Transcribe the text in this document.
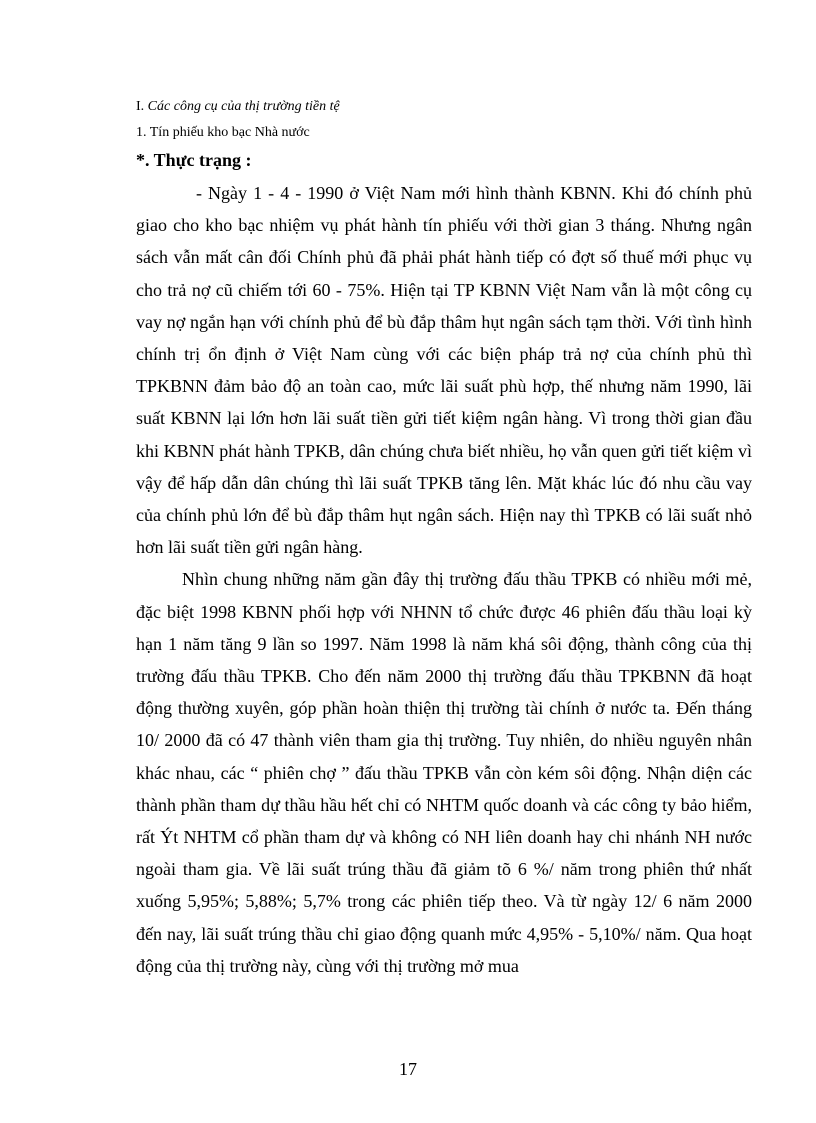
I. Các công cụ của thị trường tiền tệ
1. Tín phiếu kho bạc Nhà nước
*. Thực trạng :

- Ngày 1 - 4 - 1990 ở Việt Nam mới hình thành KBNN. Khi đó chính phủ giao cho kho bạc nhiệm vụ phát hành tín phiếu với thời gian 3 tháng. Nhưng ngân sách vẫn mất cân đối Chính phủ đã phải phát hành tiếp có đợt số thuế mới phục vụ cho trả nợ cũ chiếm tới 60 - 75%. Hiện tại TP KBNN Việt Nam vẫn là một công cụ vay nợ ngắn hạn với chính phủ để bù đắp thâm hụt ngân sách tạm thời. Với tình hình chính trị ổn định ở Việt Nam cùng với các biện pháp trả nợ của chính phủ thì TPKBNN đảm bảo độ an toàn cao, mức lãi suất phù hợp, thế nhưng năm 1990, lãi suất KBNN lại lớn hơn lãi suất tiền gửi tiết kiệm ngân hàng. Vì trong thời gian đầu khi KBNN phát hành TPKB, dân chúng chưa biết nhiều, họ vẫn quen gửi tiết kiệm vì vậy để hấp dẫn dân chúng thì lãi suất TPKB tăng lên. Mặt khác lúc đó nhu cầu vay của chính phủ lớn để bù đắp thâm hụt ngân sách. Hiện nay thì TPKB có lãi suất nhỏ hơn lãi suất tiền gửi ngân hàng.

Nhìn chung những năm gần đây thị trường đấu thầu TPKB có nhiều mới mẻ, đặc biệt 1998 KBNN phối hợp với NHNN tổ chức được 46 phiên đấu thầu loại kỳ hạn 1 năm tăng 9 lần so 1997. Năm 1998 là năm khá sôi động, thành công của thị trường đấu thầu TPKB. Cho đến năm 2000 thị trường đấu thầu TPKBNN đã hoạt động thường xuyên, góp phần hoàn thiện thị trường tài chính ở nước ta. Đến tháng 10/ 2000 đã có 47 thành viên tham gia thị trường. Tuy nhiên, do nhiều nguyên nhân khác nhau, các “ phiên chợ ” đấu thầu TPKB vẫn còn kém sôi động. Nhận diện các thành phần tham dự thầu hầu hết chỉ có NHTM quốc doanh và các công ty bảo hiểm, rất Ýt NHTM cổ phần tham dự và không có NH liên doanh hay chi nhánh NH nước ngoài tham gia. Về lãi suất trúng thầu đã giảm tõ 6 %/ năm trong phiên thứ nhất xuống 5,95%; 5,88%; 5,7% trong các phiên tiếp theo. Và từ ngày 12/ 6 năm 2000 đến nay, lãi suất trúng thầu chỉ giao động quanh mức 4,95% - 5,10%/ năm. Qua hoạt động của thị trường này, cùng với thị trường mở mua

17
